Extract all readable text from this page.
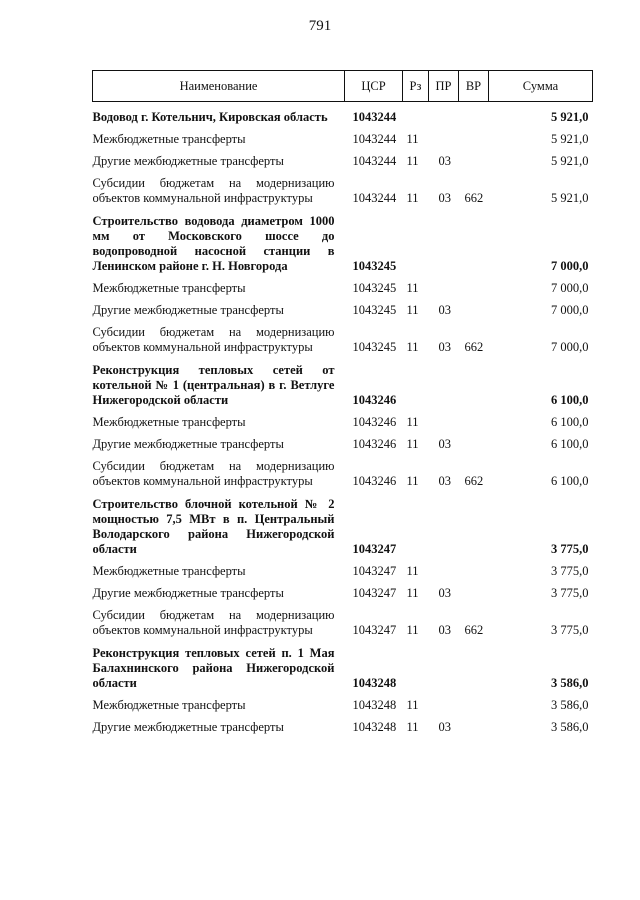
791
Наименование	ЦСР	Рз	ПР	ВР	Сумма
Водовод г. Котельнич, Кировская область	1043244				5 921,0
Межбюджетные трансферты	1043244	11			5 921,0
Другие межбюджетные трансферты	1043244	11	03		5 921,0
Субсидии бюджетам на модернизацию объектов коммунальной инфраструктуры	1043244	11	03	662	5 921,0
Строительство водовода диаметром 1000 мм от Московского шоссе до водопроводной насосной станции в Ленинском районе г. Н. Новгорода	1043245				7 000,0
Межбюджетные трансферты	1043245	11			7 000,0
Другие межбюджетные трансферты	1043245	11	03		7 000,0
Субсидии бюджетам на модернизацию объектов коммунальной инфраструктуры	1043245	11	03	662	7 000,0
Реконструкция тепловых сетей от котельной № 1 (центральная) в г. Ветлуге Нижегородской области	1043246				6 100,0
Межбюджетные трансферты	1043246	11			6 100,0
Другие межбюджетные трансферты	1043246	11	03		6 100,0
Субсидии бюджетам на модернизацию объектов коммунальной инфраструктуры	1043246	11	03	662	6 100,0
Строительство блочной котельной № 2 мощностью 7,5 МВт в п. Центральный Володарского района Нижегородской области	1043247				3 775,0
Межбюджетные трансферты	1043247	11			3 775,0
Другие межбюджетные трансферты	1043247	11	03		3 775,0
Субсидии бюджетам на модернизацию объектов коммунальной инфраструктуры	1043247	11	03	662	3 775,0
Реконструкция тепловых сетей п. 1 Мая Балахнинского района Нижегородской области	1043248				3 586,0
Межбюджетные трансферты	1043248	11			3 586,0
Другие межбюджетные трансферты	1043248	11	03		3 586,0
